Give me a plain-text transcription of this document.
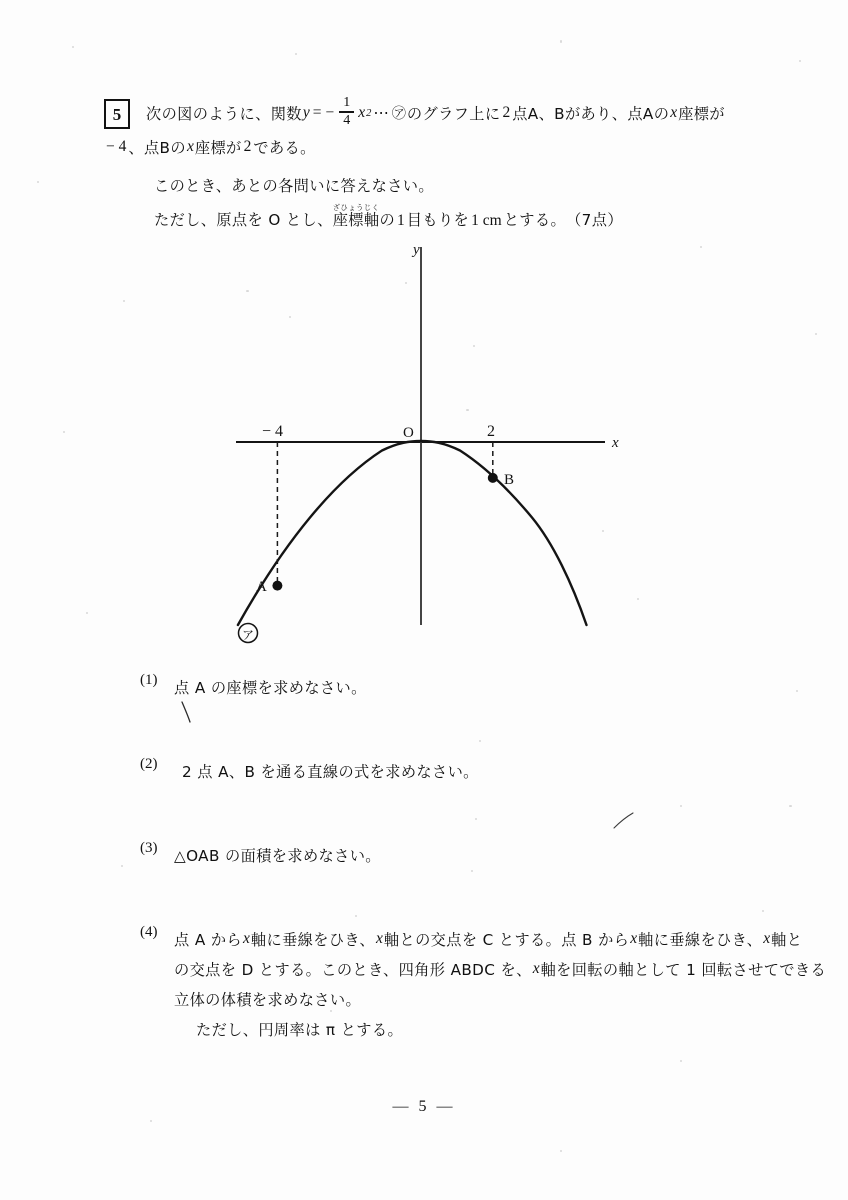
5 次の図のように、関数 y = − $\frac{1}{4}$ x 2 ⋯ ㋐ のグラフ上に 2 点A、Bがあり、点Aの x 座標が
− 4 、点Bの x 座標が 2 である。
このとき、あとの各問いに答えなさい。
ただし、原点を O とし、 座標軸ざひょうじく
の 1 目もりを 1 cm とする。 （7点）
x
y
O
− 4	2
A
B
ア
(1)	点 A の座標を求めなさい。
(2)	2 点 A、B を通る直線の式を求めなさい。
(3)	△OAB の面積を求めなさい。
(4)	点 A から x 軸に垂線をひき、 x 軸との交点を C とする。点 B から x 軸に垂線をひき、 x 軸と
の交点を D とする。このとき、四角形 ABDC を、 x 軸を回転の軸として 1 回転させてできる
立体の体積を求めなさい。
ただし、円周率は π とする。
— 5 —
